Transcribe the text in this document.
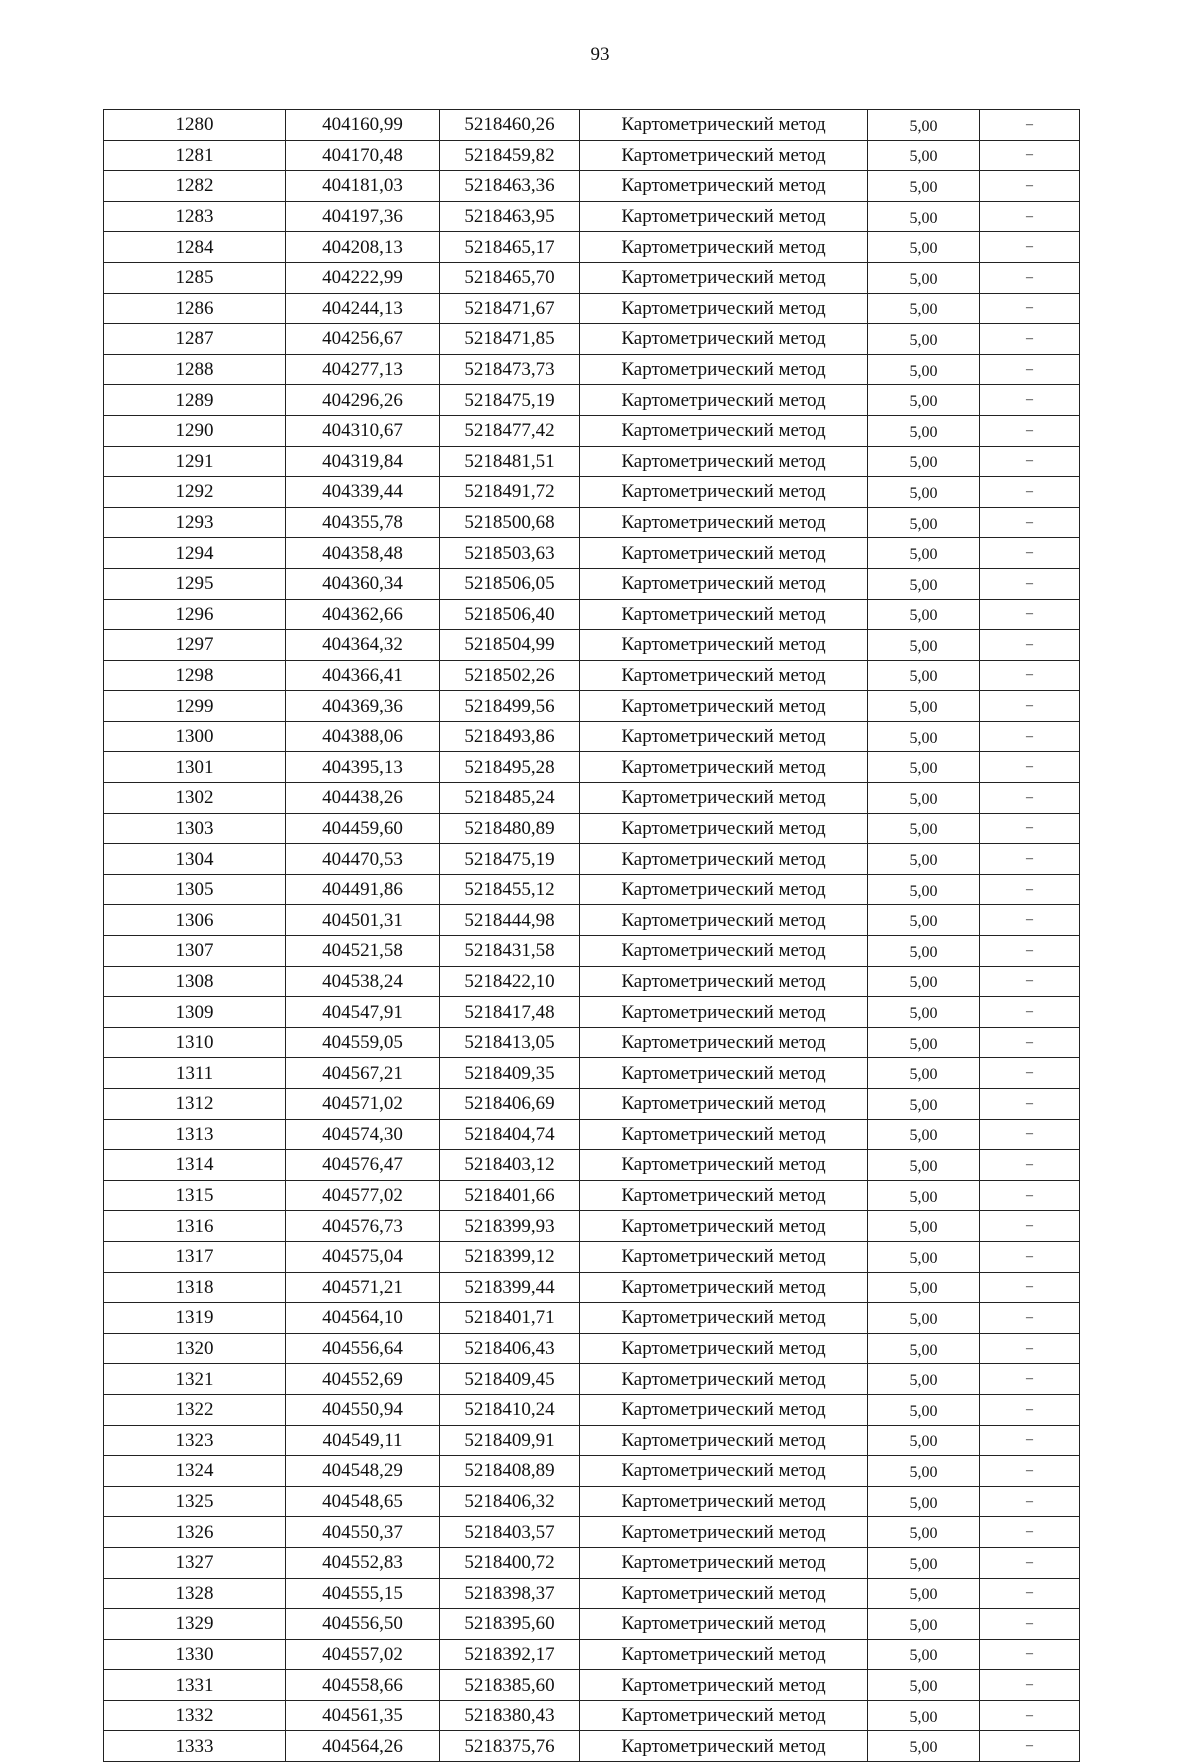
93
1280	404160,99	5218460,26	Картометрический метод	5,00	–
1281	404170,48	5218459,82	Картометрический метод	5,00	–
1282	404181,03	5218463,36	Картометрический метод	5,00	–
1283	404197,36	5218463,95	Картометрический метод	5,00	–
1284	404208,13	5218465,17	Картометрический метод	5,00	–
1285	404222,99	5218465,70	Картометрический метод	5,00	–
1286	404244,13	5218471,67	Картометрический метод	5,00	–
1287	404256,67	5218471,85	Картометрический метод	5,00	–
1288	404277,13	5218473,73	Картометрический метод	5,00	–
1289	404296,26	5218475,19	Картометрический метод	5,00	–
1290	404310,67	5218477,42	Картометрический метод	5,00	–
1291	404319,84	5218481,51	Картометрический метод	5,00	–
1292	404339,44	5218491,72	Картометрический метод	5,00	–
1293	404355,78	5218500,68	Картометрический метод	5,00	–
1294	404358,48	5218503,63	Картометрический метод	5,00	–
1295	404360,34	5218506,05	Картометрический метод	5,00	–
1296	404362,66	5218506,40	Картометрический метод	5,00	–
1297	404364,32	5218504,99	Картометрический метод	5,00	–
1298	404366,41	5218502,26	Картометрический метод	5,00	–
1299	404369,36	5218499,56	Картометрический метод	5,00	–
1300	404388,06	5218493,86	Картометрический метод	5,00	–
1301	404395,13	5218495,28	Картометрический метод	5,00	–
1302	404438,26	5218485,24	Картометрический метод	5,00	–
1303	404459,60	5218480,89	Картометрический метод	5,00	–
1304	404470,53	5218475,19	Картометрический метод	5,00	–
1305	404491,86	5218455,12	Картометрический метод	5,00	–
1306	404501,31	5218444,98	Картометрический метод	5,00	–
1307	404521,58	5218431,58	Картометрический метод	5,00	–
1308	404538,24	5218422,10	Картометрический метод	5,00	–
1309	404547,91	5218417,48	Картометрический метод	5,00	–
1310	404559,05	5218413,05	Картометрический метод	5,00	–
1311	404567,21	5218409,35	Картометрический метод	5,00	–
1312	404571,02	5218406,69	Картометрический метод	5,00	–
1313	404574,30	5218404,74	Картометрический метод	5,00	–
1314	404576,47	5218403,12	Картометрический метод	5,00	–
1315	404577,02	5218401,66	Картометрический метод	5,00	–
1316	404576,73	5218399,93	Картометрический метод	5,00	–
1317	404575,04	5218399,12	Картометрический метод	5,00	–
1318	404571,21	5218399,44	Картометрический метод	5,00	–
1319	404564,10	5218401,71	Картометрический метод	5,00	–
1320	404556,64	5218406,43	Картометрический метод	5,00	–
1321	404552,69	5218409,45	Картометрический метод	5,00	–
1322	404550,94	5218410,24	Картометрический метод	5,00	–
1323	404549,11	5218409,91	Картометрический метод	5,00	–
1324	404548,29	5218408,89	Картометрический метод	5,00	–
1325	404548,65	5218406,32	Картометрический метод	5,00	–
1326	404550,37	5218403,57	Картометрический метод	5,00	–
1327	404552,83	5218400,72	Картометрический метод	5,00	–
1328	404555,15	5218398,37	Картометрический метод	5,00	–
1329	404556,50	5218395,60	Картометрический метод	5,00	–
1330	404557,02	5218392,17	Картометрический метод	5,00	–
1331	404558,66	5218385,60	Картометрический метод	5,00	–
1332	404561,35	5218380,43	Картометрический метод	5,00	–
1333	404564,26	5218375,76	Картометрический метод	5,00	–
